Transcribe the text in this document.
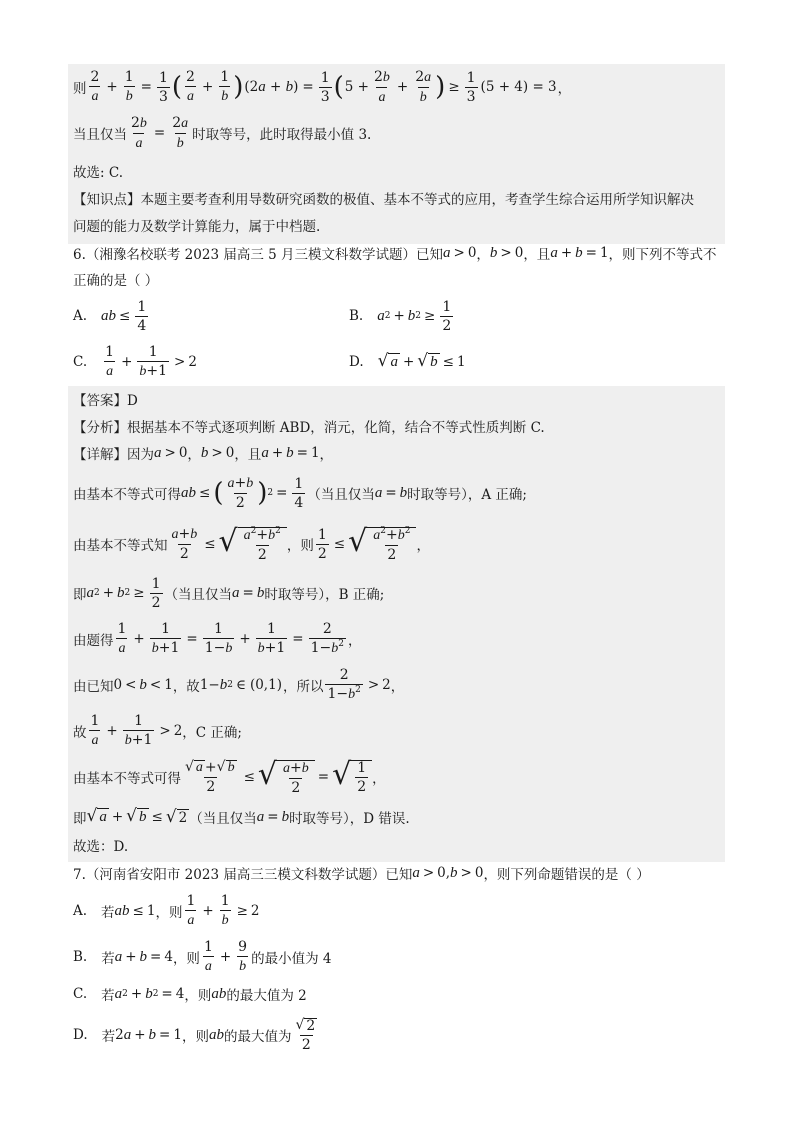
则 $\frac{2}{a} + \frac{1}{b} = \frac{1}{3}$ ( $\frac{2}{a} + \frac{1}{b}$ ) $(2a + b) = \frac{1}{3}$ ( $5 + \frac{2b}{a} + \frac{2a}{b}$ ) ≥ $\frac{1}{3} (5 + 4) = 3$ ，
当且仅当 $\frac{2b}{a} = \frac{2a}{b}$ 时取等号，此时取得最小值 3.
故选: C.
【知识点】本题主要考查利用导数研究函数的极值、基本不等式的应用，考查学生综合运用所学知识解决
问题的能力及数学计算能力，属于中档题.
6.（湘豫名校联考 2023 届高三 5 月三模文科数学试题）已知 a > 0 ， b > 0 ，且 a + b = 1 ，则下列不等式不
正确的是（ ）
A. ab ≤ $\frac{1}{4}$	B. a 2 + b $2 \ge \frac{1}{2}$
C. $\frac{1}{a} + \frac{1}{b+1} > 2$	D. √ a + √ b ≤ 1
【答案】D
【分析】根据基本不等式逐项判断 ABD，消元，化简，结合不等式性质判断 C.
【详解】因为 a > 0 ， b > 0 ，且 a + b = 1 ，
由基本不等式可得 ab ≤ ( $\frac{a+b}{2}$ ) $2 = \frac{1}{4}$ （当且仅当 a = b 时取等号），A 正确;
由基本不等式知 $\frac{a+b}{2}$ ≤ √ $\frac{a^2+b^2}{2}$ ，则 $\frac{1}{2}$ ≤ √ $\frac{a^2+b^2}{2}$ ，
即 a 2 + b $2 \ge \frac{1}{2}$ （当且仅当 a = b 时取等号），B 正确;
由题得 $\frac{1}{a} + \frac{1}{b+1} = \frac{1}{1-b} + \frac{1}{b+1} = \frac{2}{1-b^2}$ ，
由已知 0 < b < 1 ，故 1− b 2 ∈ (0,1) ，所以 $\frac{2}{1-b^2} > 2$ ，
故 $\frac{1}{a} + \frac{1}{b+1} > 2$ ，C 正确;
由基本不等式可得 $\frac{√ a + √ b}{2}$ ≤ √ $\frac{a+b}{2}$ = √ $\frac{1}{2}$ ，
即 √ a + √ b ≤ √ 2 （当且仅当 a = b 时取等号），D 错误.
故选：D.
7.（河南省安阳市 2023 届高三三模文科数学试题）已知 a > 0, b > 0 ，则下列命题错误的是（ ）
A. 若 ab ≤ 1 ，则 $\frac{1}{a} + \frac{1}{b} \ge 2$
B. 若 a + b = 4 ，则 $\frac{1}{a} + \frac{9}{b}$ 的最小值为 4
C. 若 a 2 + b 2 = 4 ，则 ab 的最大值为 2
D. 若 2 a + b = 1 ，则 ab 的最大值为 $\frac{√ 2}{2}$
